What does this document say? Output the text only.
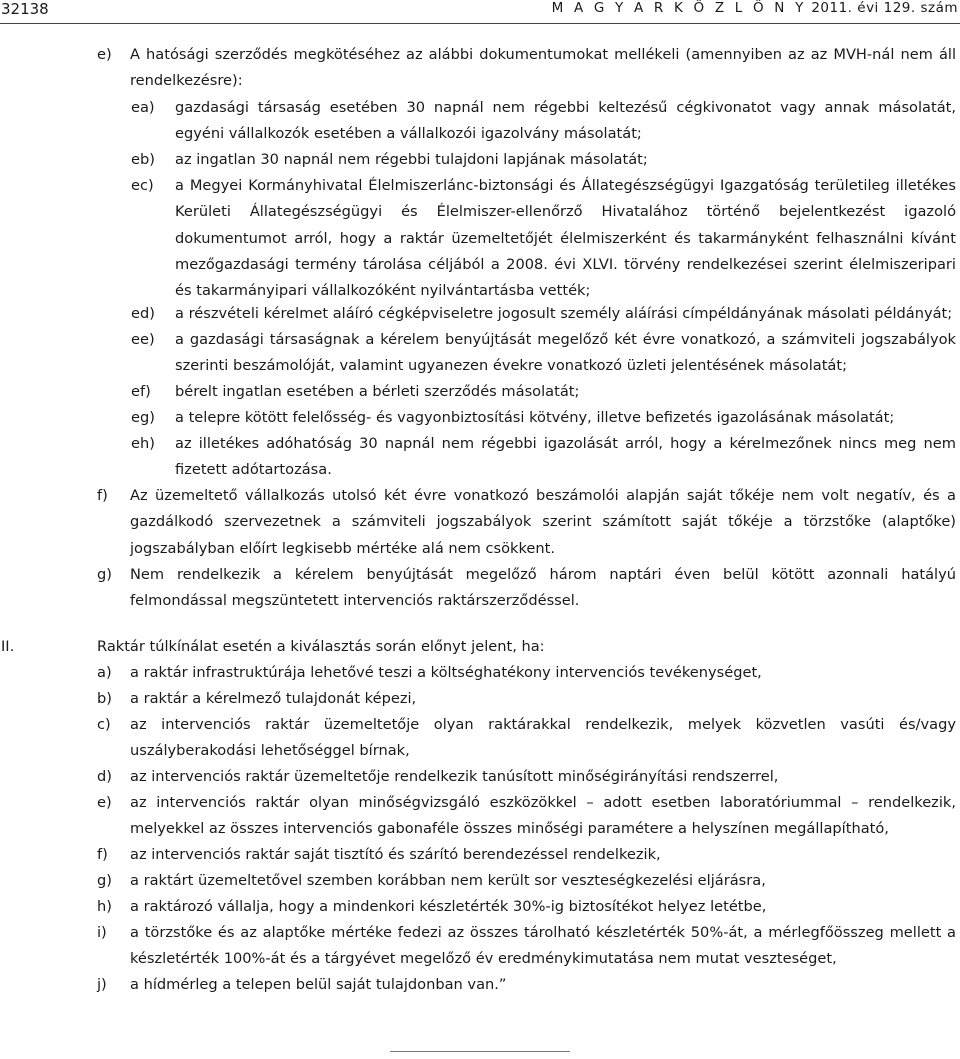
32138	M A G Y A R K Ö Z L Ö N Y 2011. évi 129. szám
e) A hatósági szerződés megkötéséhez az alábbi dokumentumokat mellékeli (amennyiben az az MVH-nál nem áll rendelkezésre):
ea) gazdasági társaság esetében 30 napnál nem régebbi keltezésű cégkivonatot vagy annak másolatát, egyéni vállalkozók esetében a vállalkozói igazolvány másolatát;
eb) az ingatlan 30 napnál nem régebbi tulajdoni lapjának másolatát;
ec) a Megyei Kormányhivatal Élelmiszerlánc-biztonsági és Állategészségügyi Igazgatóság területileg illetékes Kerületi Állategészségügyi és Élelmiszer-ellenőrző Hivatalához történő bejelentkezést igazoló dokumentumot arról, hogy a raktár üzemeltetőjét élelmiszerként és takarmányként felhasználni kívánt mezőgazdasági termény tárolása céljából a 2008. évi XLVI. törvény rendelkezései szerint élelmiszeripari és takarmányipari vállalkozóként nyilvántartásba vették;
ed) a részvételi kérelmet aláíró cégképviseletre jogosult személy aláírási címpéldányának másolati példányát;
ee) a gazdasági társaságnak a kérelem benyújtását megelőző két évre vonatkozó, a számviteli jogszabályok szerinti beszámolóját, valamint ugyanezen évekre vonatkozó üzleti jelentésének másolatát;
ef) bérelt ingatlan esetében a bérleti szerződés másolatát;
eg) a telepre kötött felelősség- és vagyonbiztosítási kötvény, illetve befizetés igazolásának másolatát;
eh) az illetékes adóhatóság 30 napnál nem régebbi igazolását arról, hogy a kérelmezőnek nincs meg nem fizetett adótartozása.
f) Az üzemeltető vállalkozás utolsó két évre vonatkozó beszámolói alapján saját tőkéje nem volt negatív, és a gazdálkodó szervezetnek a számviteli jogszabályok szerint számított saját tőkéje a törzstőke (alaptőke) jogszabályban előírt legkisebb mértéke alá nem csökkent.
g) Nem rendelkezik a kérelem benyújtását megelőző három naptári éven belül kötött azonnali hatályú felmondással megszüntetett intervenciós raktárszerződéssel.
II.	Raktár túlkínálat esetén a kiválasztás során előnyt jelent, ha:
a) a raktár infrastruktúrája lehetővé teszi a költséghatékony intervenciós tevékenységet,
b) a raktár a kérelmező tulajdonát képezi,
c) az intervenciós raktár üzemeltetője olyan raktárakkal rendelkezik, melyek közvetlen vasúti és/vagy uszályberakodási lehetőséggel bírnak,
d) az intervenciós raktár üzemeltetője rendelkezik tanúsított minőségirányítási rendszerrel,
e) az intervenciós raktár olyan minőségvizsgáló eszközökkel – adott esetben laboratóriummal – rendelkezik, melyekkel az összes intervenciós gabonaféle összes minőségi paramétere a helyszínen megállapítható,
f) az intervenciós raktár saját tisztító és szárító berendezéssel rendelkezik,
g) a raktárt üzemeltetővel szemben korábban nem került sor veszteségkezelési eljárásra,
h) a raktározó vállalja, hogy a mindenkori készletérték 30%-ig biztosítékot helyez letétbe,
i) a törzstőke és az alaptőke mértéke fedezi az összes tárolható készletérték 50%-át, a mérlegfőösszeg mellett a készletérték 100%-át és a tárgyévet megelőző év eredménykimutatása nem mutat veszteséget,
j) a hídmérleg a telepen belül saját tulajdonban van.”
